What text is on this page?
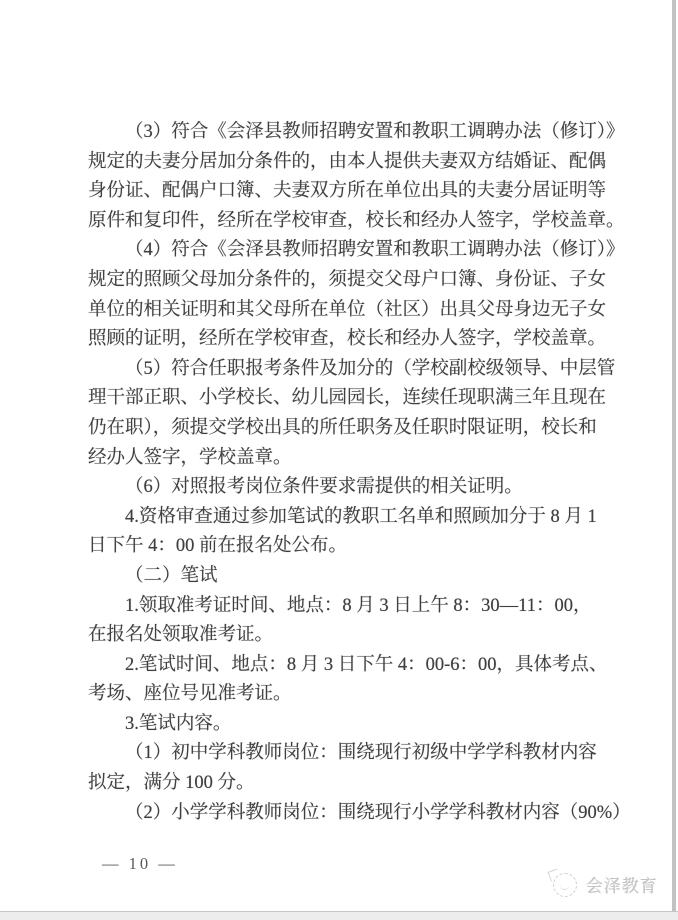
（3）符合《会泽县教师招聘安置和教职工调聘办法（修订）》
规定的夫妻分居加分条件的，由本人提供夫妻双方结婚证、配偶
身份证、配偶户口簿、夫妻双方所在单位出具的夫妻分居证明等
原件和复印件，经所在学校审查，校长和经办人签字，学校盖章。
（4）符合《会泽县教师招聘安置和教职工调聘办法（修订）》
规定的照顾父母加分条件的，须提交父母户口簿、身份证、子女
单位的相关证明和其父母所在单位（社区）出具父母身边无子女
照顾的证明，经所在学校审查，校长和经办人签字，学校盖章。
（5）符合任职报考条件及加分的（学校副校级领导、中层管
理干部正职、小学校长、幼儿园园长，连续任现职满三年且现在
仍在职），须提交学校出具的所任职务及任职时限证明，校长和
经办人签字，学校盖章。
（6）对照报考岗位条件要求需提供的相关证明。
4.资格审查通过参加笔试的教职工名单和照顾加分于 8 月 1
日下午 4：00 前在报名处公布。
（二）笔试
1.领取准考证时间、地点：8 月 3 日上午 8：30—11：00，
在报名处领取准考证。
2.笔试时间、地点：8 月 3 日下午 4：00-6：00，具体考点、
考场、座位号见准考证。
3.笔试内容。
（1）初中学科教师岗位：围绕现行初级中学学科教材内容
拟定，满分 100 分。
（2）小学学科教师岗位：围绕现行小学学科教材内容（90%）
— 10 —
会泽教育
